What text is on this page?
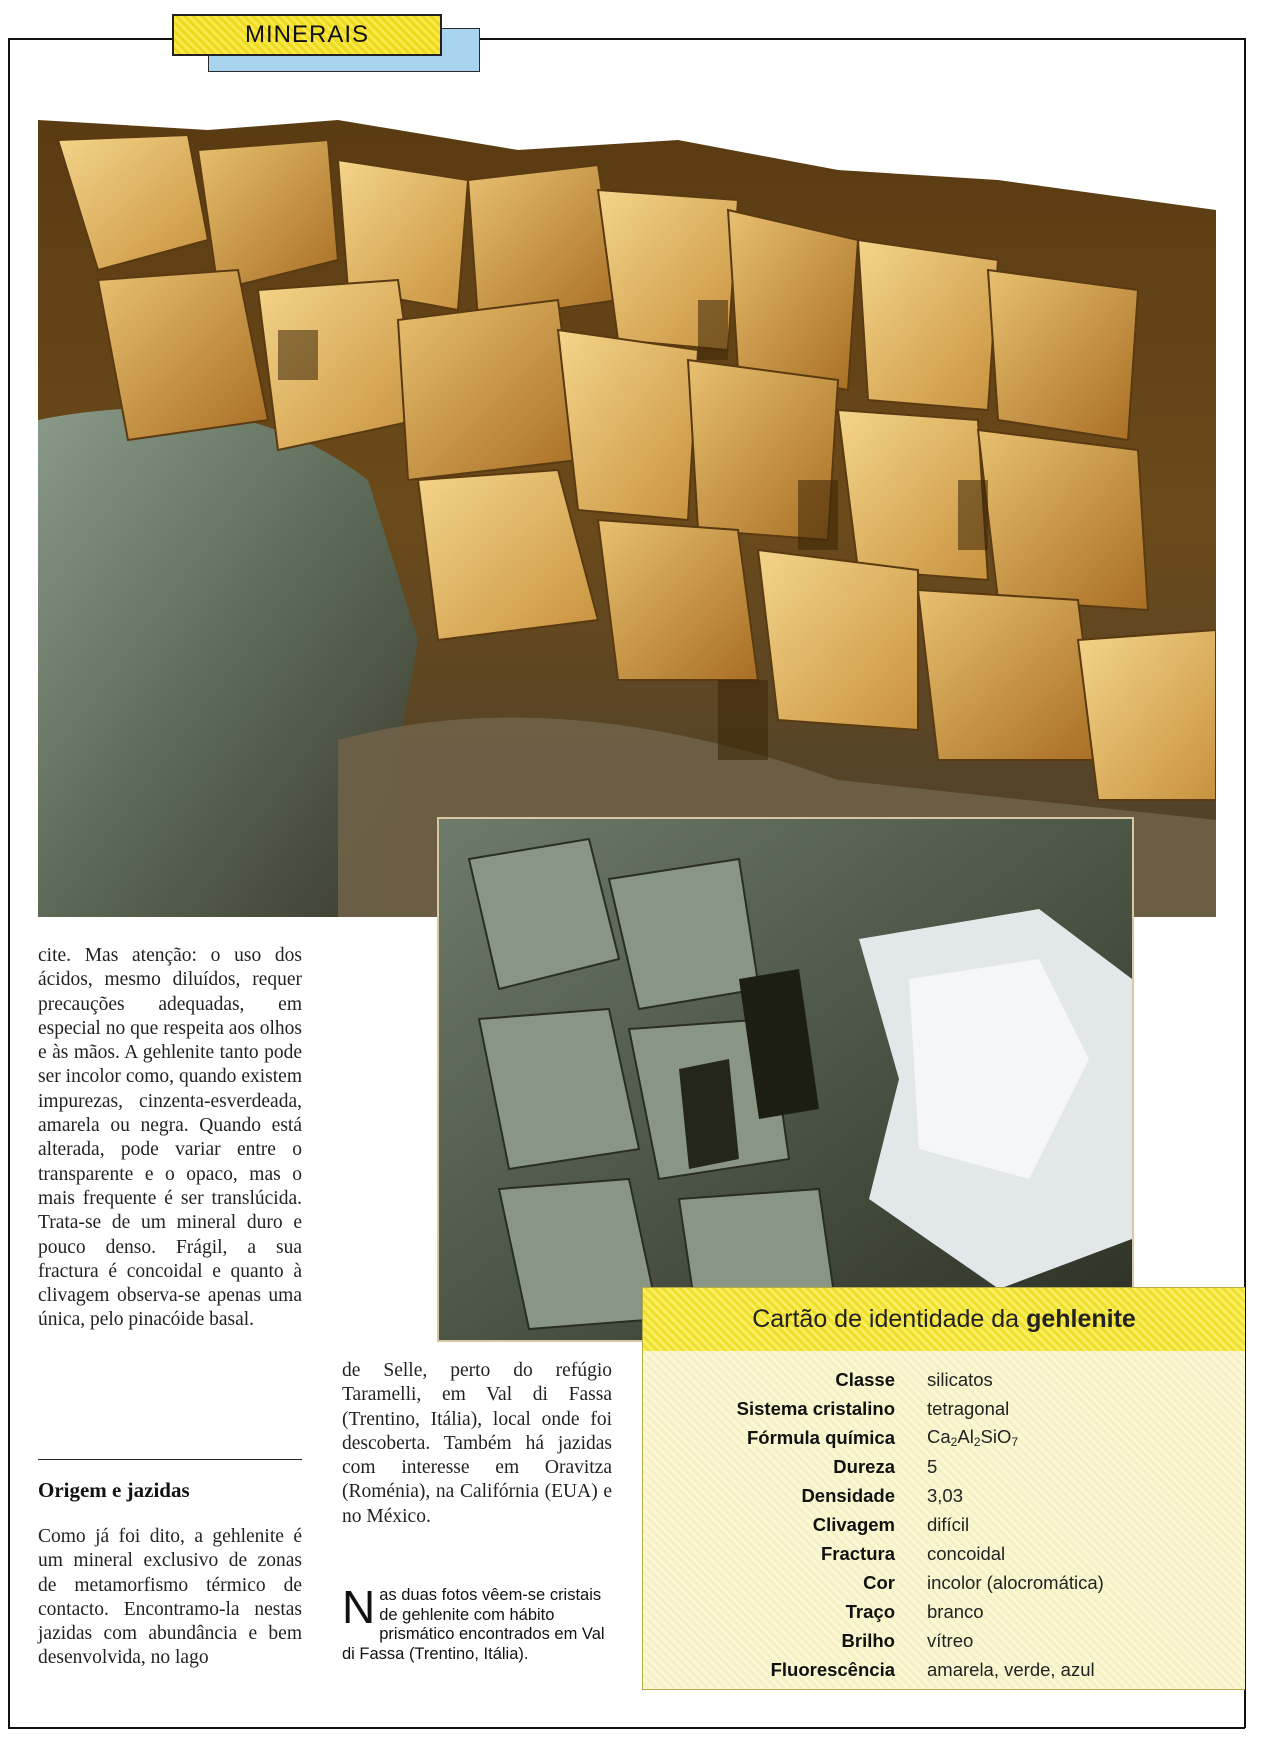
MINERAIS
cite. Mas atenção: o uso dos ácidos, mesmo diluídos, requer precauções adequadas, em especial no que respeita aos olhos e às mãos. A gehlenite tanto pode ser incolor como, quando existem impurezas, cinzenta-esverdeada, amarela ou negra. Quando está alterada, pode variar entre o transparente e o opaco, mas o mais frequente é ser translúcida. Trata-se de um mineral duro e pouco denso. Frágil, a sua fractura é concoidal e quanto à clivagem observa-se apenas uma única, pelo pinacóide basal.
Origem e jazidas
Como já foi dito, a gehlenite é um mineral exclusivo de zonas de metamorfismo térmico de contacto. Encontramo-la nestas jazidas com abundância e bem desenvolvida, no lago
de Selle, perto do refúgio Taramelli, em Val di Fassa (Trentino, Itália), local onde foi descoberta. Também há jazidas com interesse em Oravitza (Roménia), na Califórnia (EUA) e no México.
Nas duas fotos vêem-se cristais de gehlenite com hábito prismático encontrados em Val di Fassa (Trentino, Itália).
Cartão de identidade da gehlenite
Classe silicatos
Sistema cristalino tetragonal
Fórmula química $Ca_2Al_2SiO_7$
Dureza 5
Densidade 3,03
Clivagem difícil
Fractura concoidal
Cor incolor (alocromática)
Traço branco
Brilho vítreo
Fluorescência amarela, verde, azul
